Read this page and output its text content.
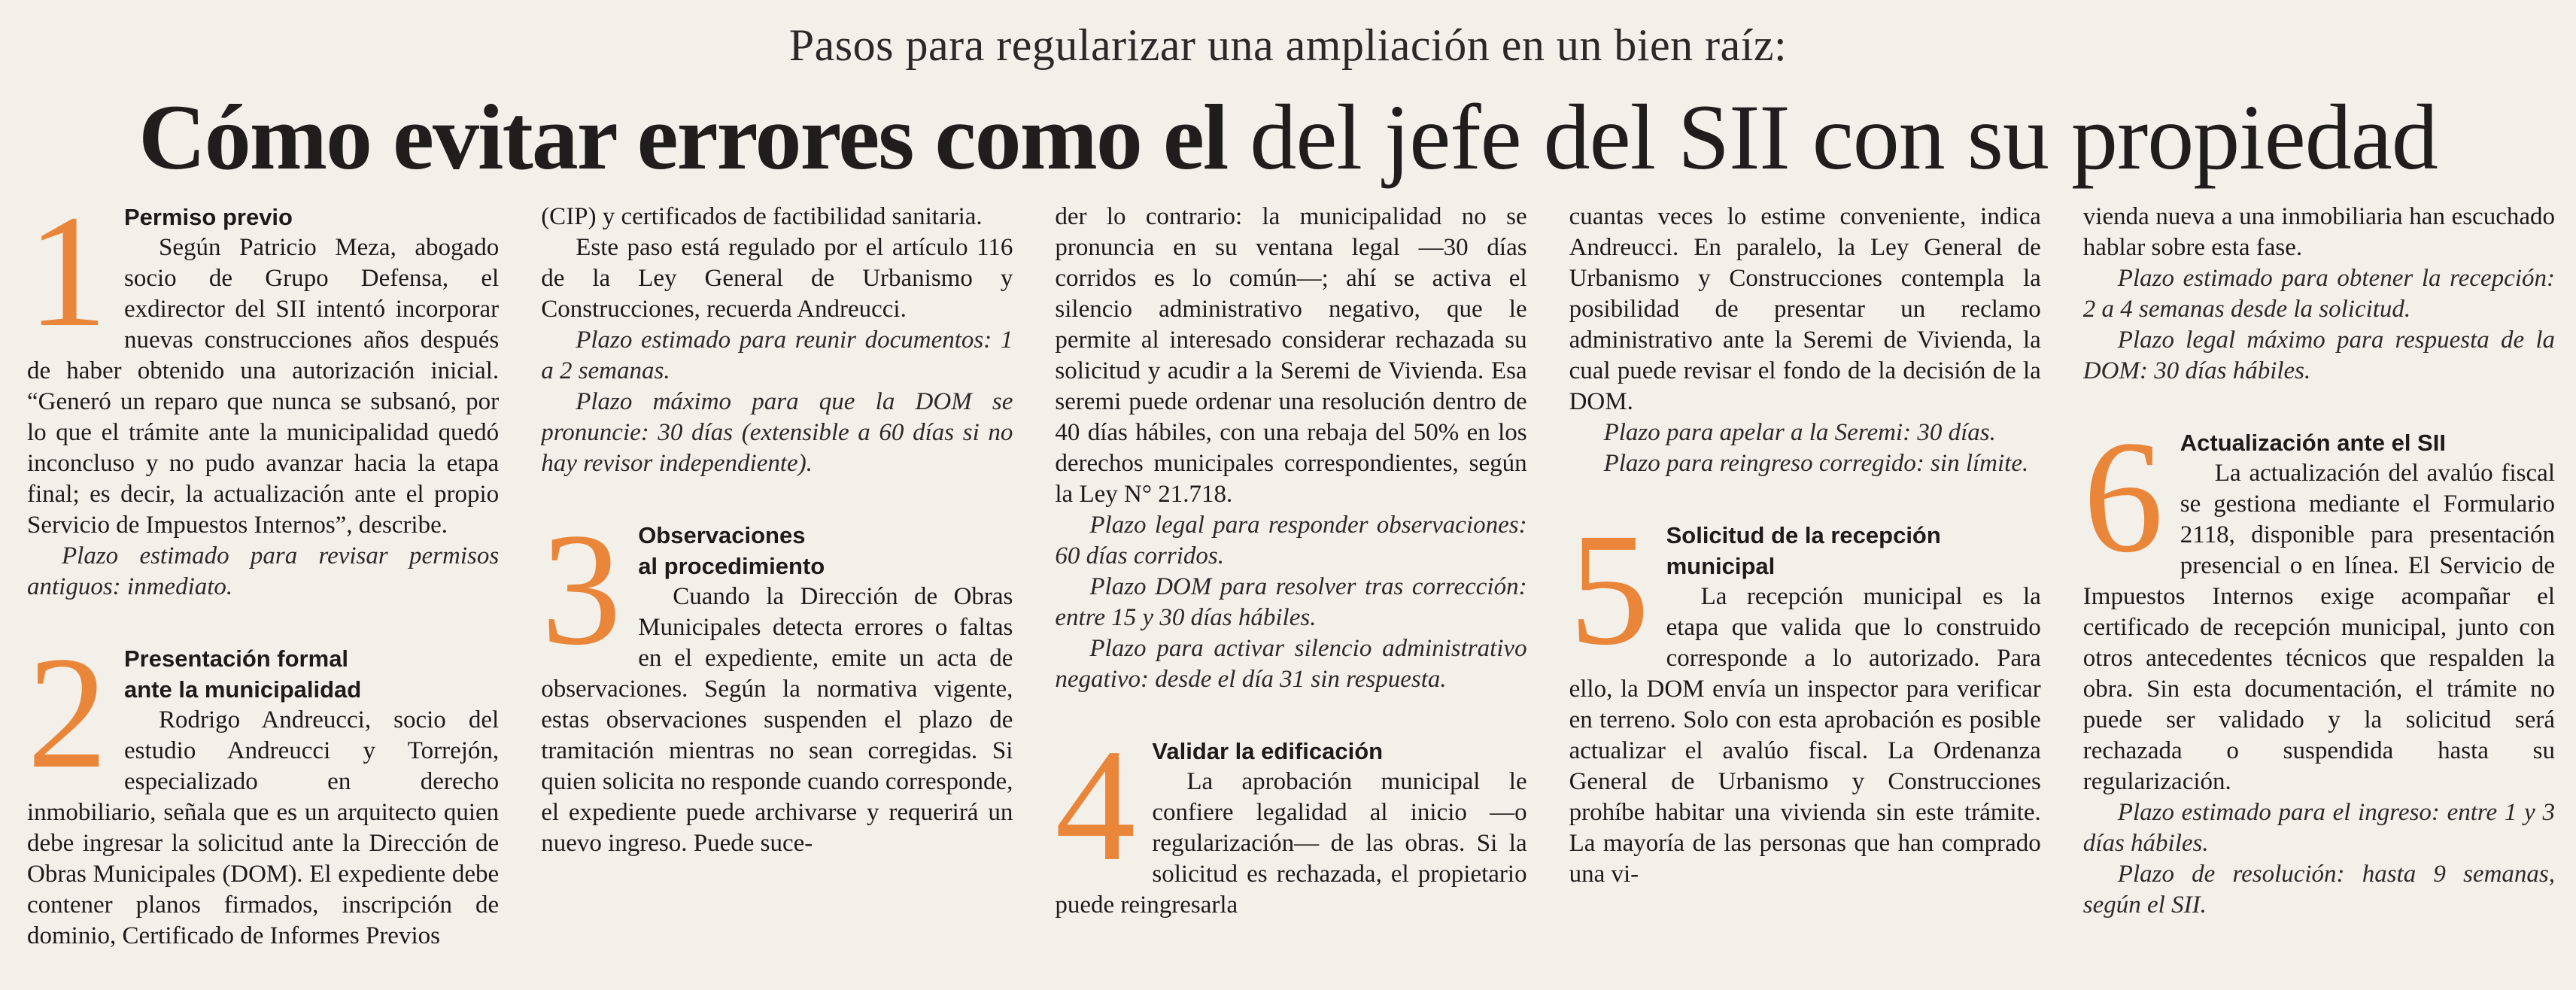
Pasos para regularizar una ampliación en un bien raíz:
Cómo evitar errores como el del jefe del SII con su propiedad
1 Permiso previo

Según Patricio Meza, abogado socio de Grupo Defensa, el exdirector del SII intentó incorporar nuevas construcciones años después de haber obtenido una autorización inicial. “Generó un reparo que nunca se subsanó, por lo que el trámite ante la municipalidad quedó inconcluso y no pudo avanzar hacia la etapa final; es decir, la actualización ante el propio Servicio de Impuestos Internos”, describe.

Plazo estimado para revisar permisos antiguos: inmediato.

2 Presentación formal
ante la municipalidad

Rodrigo Andreucci, socio del estudio Andreucci y Torrejón, especializado en derecho inmobiliario, señala que es un arquitecto quien debe ingresar la solicitud ante la Dirección de Obras Municipales (DOM). El expediente debe contener planos firmados, inscripción de dominio, Certificado de Informes Previos

(CIP) y certificados de factibilidad sanitaria.

Este paso está regulado por el artículo 116 de la Ley General de Urbanismo y Construcciones, recuerda Andreucci.

Plazo estimado para reunir documentos: 1 a 2 semanas.

Plazo máximo para que la DOM se pronuncie: 30 días (extensible a 60 días si no hay revisor independiente).

3 Observaciones
al procedimiento

Cuando la Dirección de Obras Municipales detecta errores o faltas en el expediente, emite un acta de observaciones. Según la normativa vigente, estas observaciones suspenden el plazo de tramitación mientras no sean corregidas. Si quien solicita no responde cuando corresponde, el expediente puede archivarse y requerirá un nuevo ingreso. Puede suce-

der lo contrario: la municipalidad no se pronuncia en su ventana legal —30 días corridos es lo común—; ahí se activa el silencio administrativo negativo, que le permite al interesado considerar rechazada su solicitud y acudir a la Seremi de Vivienda. Esa seremi puede ordenar una resolución dentro de 40 días hábiles, con una rebaja del 50% en los derechos municipales correspondientes, según la Ley N° 21.718.

Plazo legal para responder observaciones: 60 días corridos.

Plazo DOM para resolver tras corrección: entre 15 y 30 días hábiles.

Plazo para activar silencio administrativo negativo: desde el día 31 sin respuesta.

4 Validar la edificación

La aprobación municipal le confiere legalidad al inicio —o regularización— de las obras. Si la solicitud es rechazada, el propietario puede reingresarla

cuantas veces lo estime conveniente, indica Andreucci. En paralelo, la Ley General de Urbanismo y Construcciones contempla la posibilidad de presentar un reclamo administrativo ante la Seremi de Vivienda, la cual puede revisar el fondo de la decisión de la DOM.

Plazo para apelar a la Seremi: 30 días.

Plazo para reingreso corregido: sin límite.

5 Solicitud de la recepción
municipal

La recepción municipal es la etapa que valida que lo construido corresponde a lo autorizado. Para ello, la DOM envía un inspector para verificar en terreno. Solo con esta aprobación es posible actualizar el avalúo fiscal. La Ordenanza General de Urbanismo y Construcciones prohíbe habitar una vivienda sin este trámite. La mayoría de las personas que han comprado una vi-

vienda nueva a una inmobiliaria han escuchado hablar sobre esta fase.

Plazo estimado para obtener la recepción: 2 a 4 semanas desde la solicitud.

Plazo legal máximo para respuesta de la DOM: 30 días hábiles.

6 Actualización ante el SII

La actualización del avalúo fiscal se gestiona mediante el Formulario 2118, disponible para presentación presencial o en línea. El Servicio de Impuestos Internos exige acompañar el certificado de recepción municipal, junto con otros antecedentes técnicos que respalden la obra. Sin esta documentación, el trámite no puede ser validado y la solicitud será rechazada o suspendida hasta su regularización.

Plazo estimado para el ingreso: entre 1 y 3 días hábiles.

Plazo de resolución: hasta 9 semanas, según el SII.
